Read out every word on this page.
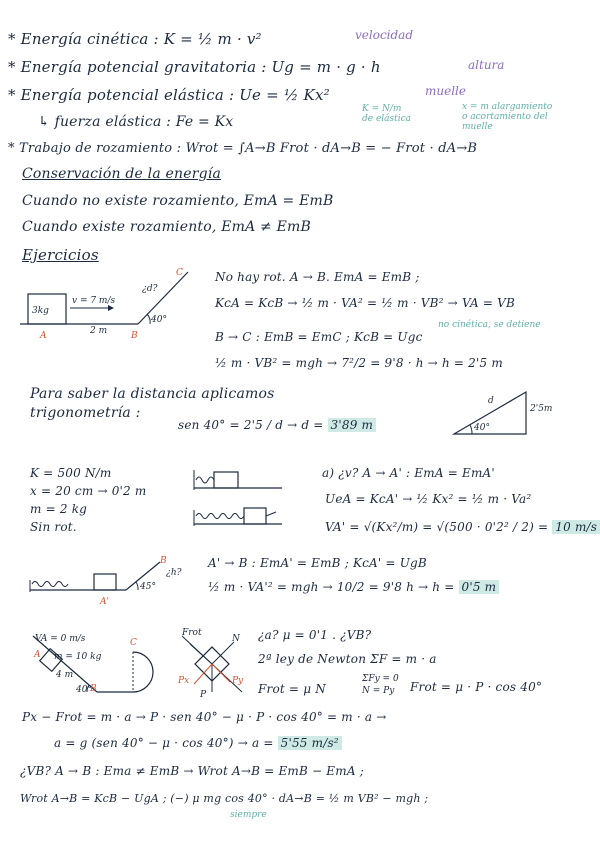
* Energía cinética : K = ½ m · v²	velocidad
* Energía potencial gravitatoria : Ug = m · g · h	altura
* Energía potencial elástica : Ue = ½ Kx²	muelle
K = N/m
de elástica
x = m alargamiento
o acortamiento del
muelle
↳ fuerza elástica : Fe = Kx
* Trabajo de rozamiento : Wrot = ∫A→B Frot · dA→B = − Frot · dA→B
Conservación de la energía
Cuando no existe rozamiento, EmA = EmB
Cuando existe rozamiento, EmA ≠ EmB
Ejercicios
3kg
v = 7 m/s
2 m
¿d?
40°
A	B
C	No hay rot. A → B. EmA = EmB ;
KcA = KcB → ½ m · VA² = ½ m · VB² → VA = VB
B → C : EmB = EmC ; KcB = Ugc
no cinética, se detiene
½ m · VB² = mgh → 7²/2 = 9'8 · h → h = 2'5 m
Para saber la distancia aplicamos
trigonometría :
sen 40° = 2'5 / d → d = 3'89 m
d
2'5m
40°
K = 500 N/m
x = 20 cm → 0'2 m
m = 2 kg
Sin rot.
a) ¿v? A → A' : EmA = EmA'
UeA = KcA' → ½ Kx² = ½ m · Va²
VA' = √(Kx²/m) = √(500 · 0'2² / 2) = 10 m/s
A'
B
45°
¿h?
A' → B : EmA' = EmB ; KcA' = UgB
½ m · VA'² = mgh → 10/2 = 9'8 h → h = 0'5 m
VA = 0 m/s
m = 10 kg
4 m
40°
A
B
C
Frot
N
Px	Py
P
¿a? μ = 0'1 . ¿VB?
2ª ley de Newton ΣF = m · a
Frot = μ N
ΣFy = 0
N = Py Frot = μ · P · cos 40°
Px − Frot = m · a → P · sen 40° − μ · P · cos 40° = m · a →
a = g (sen 40° − μ · cos 40°) → a = 5'55 m/s²
¿VB? A → B : Ema ≠ EmB → Wrot A→B = EmB − EmA ;
Wrot A→B = KcB − UgA ; (−) μ mg cos 40° · dA→B = ½ m VB² − mgh ;
siempre
